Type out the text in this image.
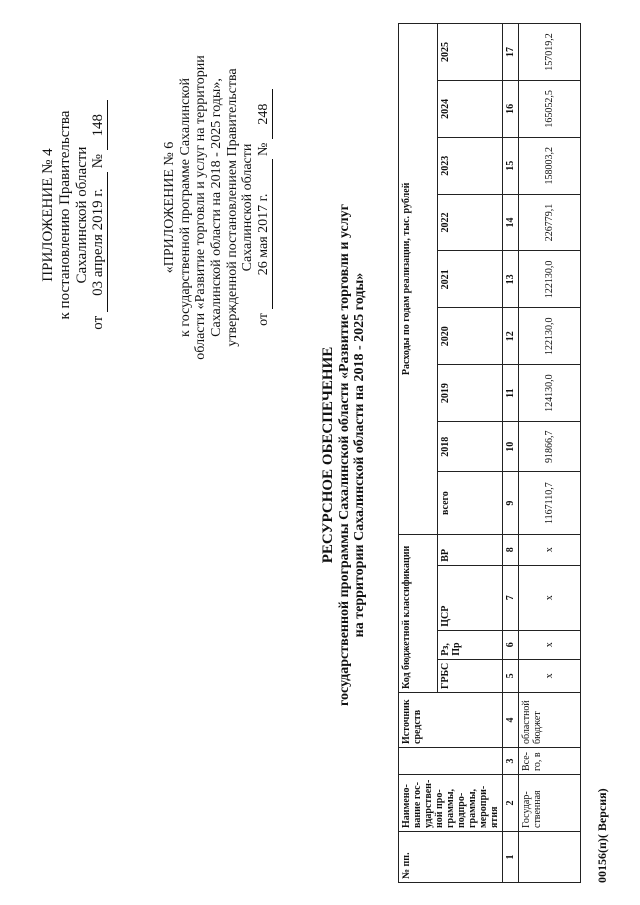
ПРИЛОЖЕНИЕ № 4 к постановлению Правительства Сахалинской области
от 03 апреля 2019 г. № 148
«ПРИЛОЖЕНИЕ № 6 к государственной программе Сахалинской области «Развитие торговли и услуг на территории Сахалинской области на 2018 - 2025 годы», утвержденной постановлением Правительства Сахалинской области
от 26 мая 2017 г. № 248
РЕСУРСНОЕ ОБЕСПЕЧЕНИЕ государственной программы Сахалинской области «Развитие торговли и услуг на территории Сахалинской области на 2018 - 2025 годы»
№ пп.	Наимено-вание гос-ударствен-ной про-граммы, подпро-граммы, меропри-ятия		Источник средств	Код бюджетной классификации				Расходы по годам реализации, тыс. рублей								
				ГРБС	Рз, Пр	ЦСР	ВР	всего	2018	2019	2020	2021	2022	2023	2024	2025
1	2	3	4	5	6	7	8	9	10	11	12	13	14	15	16	17
	Государ-ственная	Все-го, в	областной бюджет	х	х	х	х	1167110,7	91866,7	124130,0	122130,0	122130,0	226779,1	158003,2	165052,5	157019,2
00156(п)( Версия)
